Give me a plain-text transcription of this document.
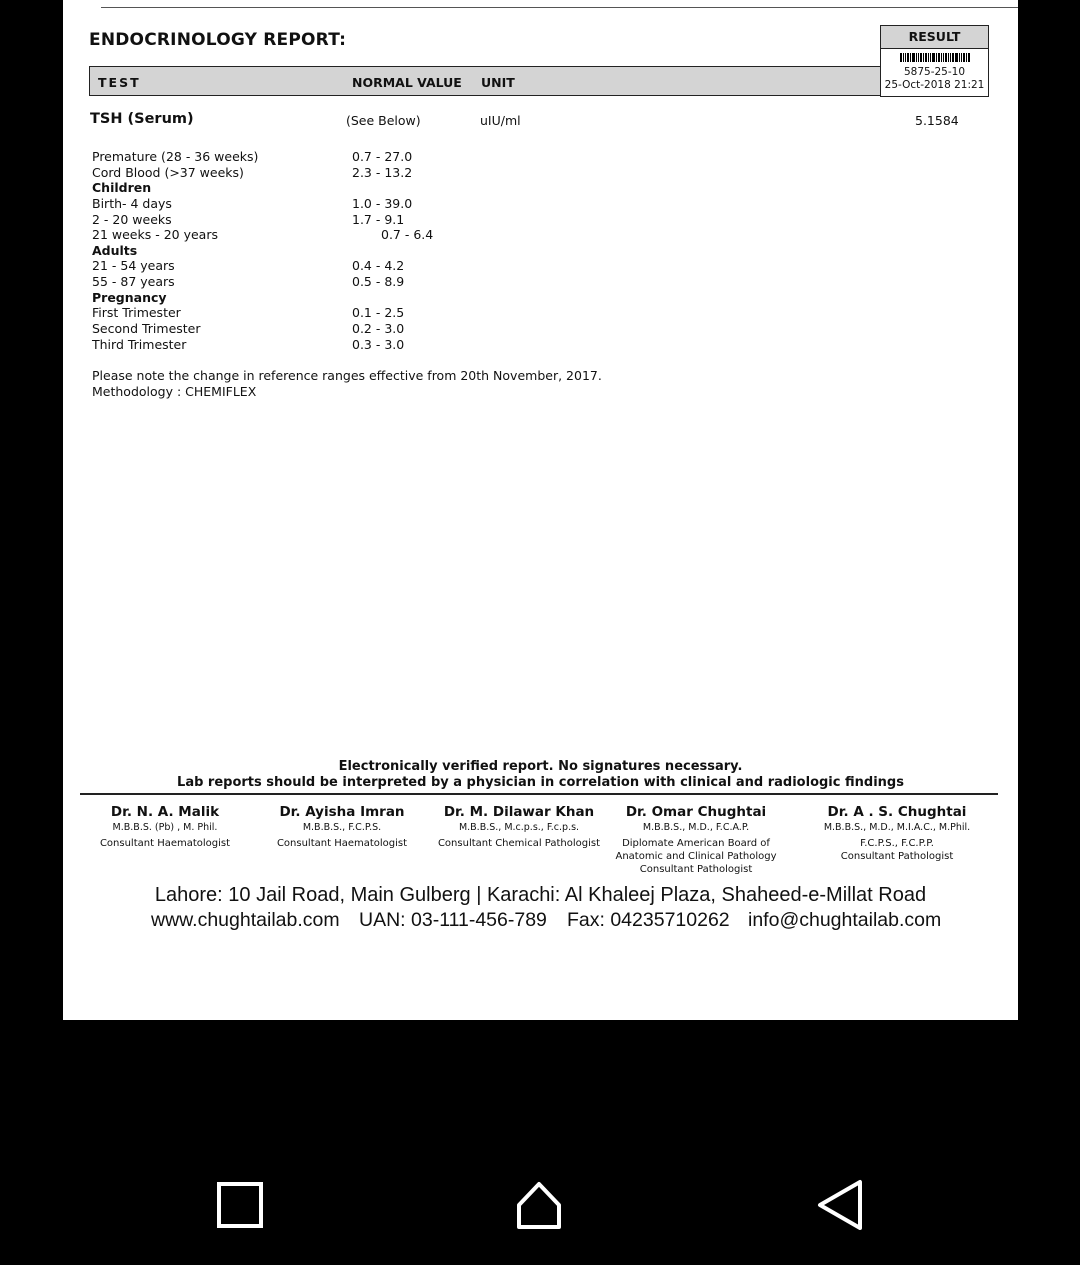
ENDOCRINOLOGY REPORT:
TEST	NORMAL VALUE UNIT
RESULT
5875-25-10
25-Oct-2018 21:21
TSH (Serum)	(See Below)	uIU/ml	5.1584
Premature (28 - 36 weeks)	0.7 - 27.0
Cord Blood (>37 weeks)	2.3 - 13.2
Children
Birth- 4 days	1.0 - 39.0
2 - 20 weeks	1.7 - 9.1
21 weeks - 20 years	0.7 - 6.4
Adults
21 - 54 years	0.4 - 4.2
55 - 87 years	0.5 - 8.9
Pregnancy
First Trimester	0.1 - 2.5
Second Trimester	0.2 - 3.0
Third Trimester	0.3 - 3.0
Please note the change in reference ranges effective from 20th November, 2017.
Methodology : CHEMIFLEX
Electronically verified report. No signatures necessary.
Lab reports should be interpreted by a physician in correlation with clinical and radiologic findings
Dr. N. A. Malik
M.B.B.S. (Pb) , M. Phil.
Consultant Haematologist
Dr. Ayisha Imran
M.B.B.S., F.C.P.S.
Consultant Haematologist
Dr. M. Dilawar Khan
M.B.B.S., M.c.p.s., F.c.p.s.
Consultant Chemical Pathologist
Dr. Omar Chughtai
M.B.B.S., M.D., F.C.A.P.
Diplomate American Board of
Anatomic and Clinical Pathology
Consultant Pathologist
Dr. A . S. Chughtai
M.B.B.S., M.D., M.I.A.C., M.Phil.
F.C.P.S., F.C.P.P.
Consultant Pathologist
Lahore: 10 Jail Road, Main Gulberg | Karachi: Al Khaleej Plaza, Shaheed-e-Millat Road
www.chughtailab.com UAN: 03-111-456-789 Fax: 04235710262 info@chughtailab.com
